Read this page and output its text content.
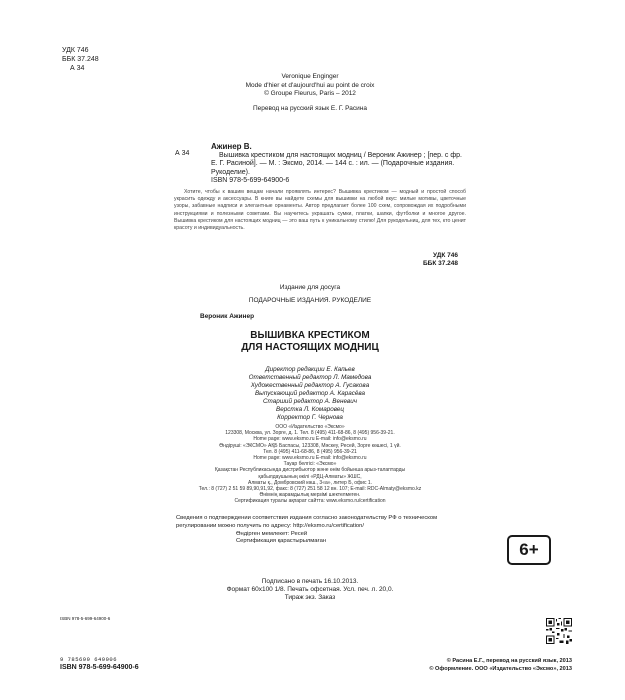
УДК 746
ББК 37.248
А 34
Veronique Enginger
Mode d'hier et d'aujourd'hui au point de croix
© Groupe Fleurus, Paris – 2012
Перевод на русский язык Е. Г. Расина
Ажинер В.
А 34	Вышивка крестиком для настоящих модниц / Вероник Ажинер ; [пер. с фр. Е. Г. Расиной]. — М. : Эксмо, 2014. — 144 с. : ил. — (Подарочные издания. Рукоделие).
ISBN 978-5-699-64900-6
Хотите, чтобы к вашим вещам начали проявлять интерес? Вышивка крестиком — модный и простой способ украсить одежду и аксессуары. В книге вы найдете схемы для вышивки на любой вкус: милые мотивы, цветочные узоры, забавные надписи и элегантные орнаменты. Автор предлагает более 100 схем, сопровождая их подробными инструкциями и полезными советами. Вы научитесь украшать сумки, платки, шапки, футболки и многое другое. Вышивка крестиком для настоящих модниц — это ваш путь к уникальному стилю! Для рукодельниц, для тех, кто ценит красоту и индивидуальность.
УДК 746
ББК 37.248
Издание для досуга
ПОДАРОЧНЫЕ ИЗДАНИЯ. РУКОДЕЛИЕ
Вероник Ажинер
ВЫШИВКА КРЕСТИКОМ
ДЛЯ НАСТОЯЩИХ МОДНИЦ
Директор редакции Е. Капьев
Ответственный редактор Л. Мамедова
Художественный редактор А. Гусаковa
Выпускающий редактор А. Карасёва
Старший редактор А. Веневич
Верстка Л. Комаровец
Корректор Г. Чернова
ООО «Издательство «Эксмо»
123308, Москва, ул. Зорге, д. 1. Тел. 8 (495) 411-68-86, 8 (495) 956-39-21.
Home page: www.eksmo.ru E-mail: info@eksmo.ru
Өндіруші: «ЭКСМО» АҚБ Баспасы, 123308, Мәскеу, Ресей, Зорге көшесі, 1 үй.
Тел. 8 (495) 411-68-86, 8 (495) 956-39-21
Home page: www.eksmo.ru E-mail: info@eksmo.ru
Тауар белгісі: «Эксмо»
Қазақстан Республикасында дистрибьютор және өнім бойынша арыз-талаптарды
қабылдаушының өкілі «РДЦ-Алматы» ЖШС,
Алматы қ., Домбровский көш., 3«а», литер Б, офис 1.
Тел.: 8 (727) 2 51 59 89,90,91,92, факс: 8 (727) 251 58 12 вн. 107; E-mail: RDC-Almaty@eksmo.kz
Өнімнің жарамдылық мерзімі шектелмеген.
Сертификация туралы ақпарат сайтта: www.eksmo.ru/certification
Сведения о подтверждении соответствия издания согласно законодательству РФ о техническом
регулировании можно получить по адресу: http://eksmo.ru/certification/
Өндірген мемлекет: Ресей
Сертификация қарастырылмаған	6+
Подписано в печать 16.10.2013.
Формат 60x100 1/8. Печать офсетная. Усл. печ. л. 20,0.
Тираж экз. Заказ
ISBN 978-5-699-64900-6
9 785699 649006
ISBN 978-5-699-64900-6
© Расина Е.Г., перевод на русский язык, 2013
© Оформление. ООО «Издательство «Эксмо», 2013
